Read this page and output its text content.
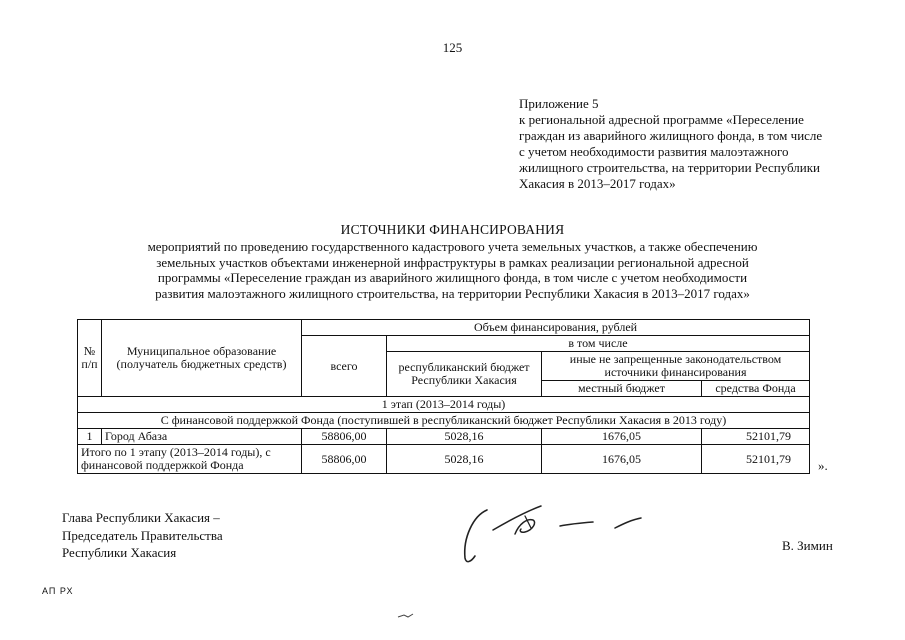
125
Приложение 5
к региональной адресной программе «Переселение
граждан из аварийного жилищного фонда, в том числе
с учетом необходимости развития малоэтажного
жилищного строительства, на территории Республики
Хакасия в 2013–2017 годах»
ИСТОЧНИКИ ФИНАНСИРОВАНИЯ
мероприятий по проведению государственного кадастрового учета земельных участков, а также обеспечению
земельных участков объектами инженерной инфраструктуры в рамках реализации региональной адресной
программы «Переселение граждан из аварийного жилищного фонда, в том числе с учетом необходимости
развития малоэтажного жилищного строительства, на территории Республики Хакасия в 2013–2017 годах»
№ п/п	Муниципальное образование (получатель бюджетных средств)	Объем финансирования, рублей			
		всего	в том числе		
			республиканский бюджет Республики Хакасия	иные не запрещенные законодательством источники финансирования	
				местный бюджет	средства Фонда
1 этап (2013–2014 годы)					
С финансовой поддержкой Фонда (поступившей в республиканский бюджет Республики Хакасия в 2013 году)					
1	Город Абаза	58806,00	5028,16	1676,05	52101,79
Итого по 1 этапу (2013–2014 годы), с финансовой поддержкой Фонда		58806,00	5028,16	1676,05	52101,79 ».
Глава Республики Хакасия –
Председатель Правительства
Республики Хакасия	В. Зимин
АП РХ
